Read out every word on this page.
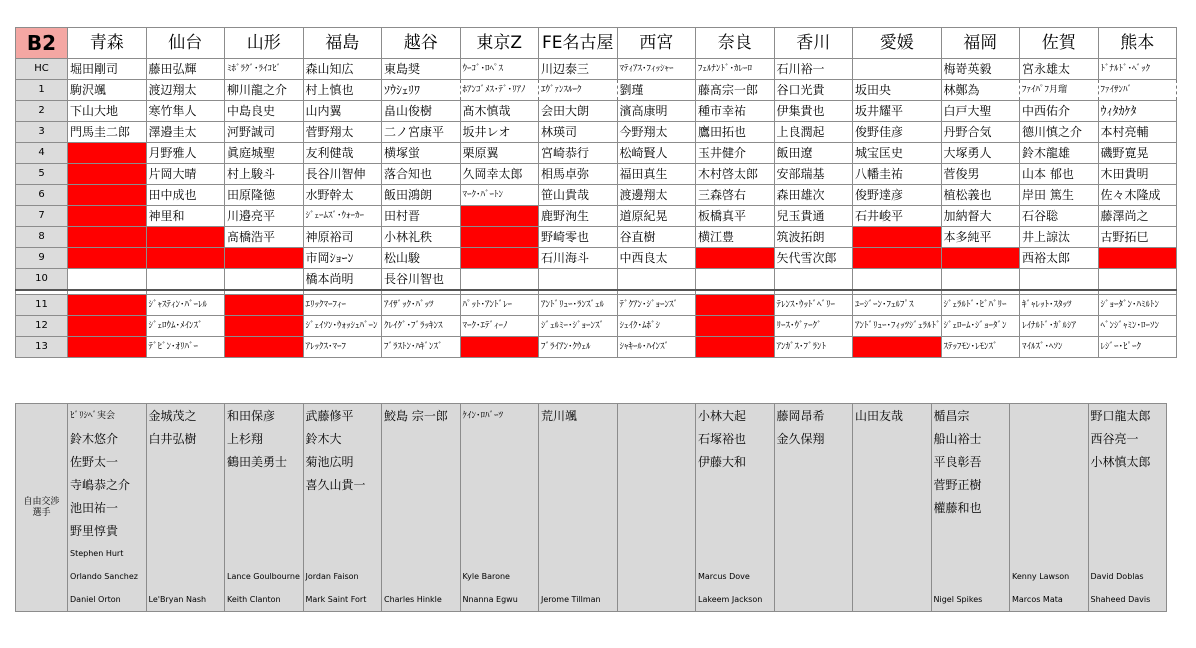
B2	青森	仙台	山形	福島	越谷	東京Z	FE名古屋	西宮	奈良	香川	愛媛	福岡	佐賀	熊本
HC	堀田剛司	藤田弘輝	ﾐﾎﾞﾗｸﾞ･ﾗｲｺﾋﾞ	森山知広	東島奨	ｳｰｺﾞ･ﾛﾍﾟｽ	川辺泰三	ﾏﾃｨｱｽ･ﾌｨｯｼｬｰ	ﾌｪﾙﾅﾝﾄﾞ･ｶﾚｰﾛ	石川裕一		梅嵜英毅	宮永雄太	ﾄﾞﾅﾙﾄﾞ･ﾍﾞｯｸ
1	駒沢颯	渡辺翔太	柳川龍之介	村上慎也	ｿｳｼｪﾘﾜ	ﾎｱﾝｺﾞﾒｽ･ﾃﾞ･ﾘｱﾉ	ｴｳﾞｧﾝｽﾙｰｸ	劉瑾	藤髙宗一郎	谷口光貴	坂田央	林鄭為	ﾌｧｲﾊﾟﾌ月瑠	ﾌｧｲｻﾝﾊﾞ
2	下山大地	寒竹隼人	中島良史	山内翼	畠山俊樹	髙木慎哉	会田大朗	濱高康明	種市幸祐	伊集貴也	坂井耀平	白戸大聖	中西佑介	ｳｨﾀｶｹﾀ
3	門馬圭二郎	澤邉圭太	河野誠司	菅野翔太	二ノ宮康平	坂井レオ	林瑛司	今野翔太	鷹田拓也	上良潤起	俊野佳彦	丹野合気	德川慎之介	本村亮輔
4		月野雅人	眞庭城聖	友利健哉	横塚蛍	栗原翼	宮崎恭行	松崎賢人	玉井健介	飯田遼	城宝匡史	大塚勇人	鈴木龍雄	磯野寛晃
5		片岡大晴	村上駿斗	長谷川智伸	落合知也	久岡幸太郎	相馬卓弥	福田真生	木村啓太郎	安部瑞基	八幡圭祐	菅俊男	山本 郁也	木田貴明
6		田中成也	田原隆徳	水野幹太	飯田鴻朗	ﾏｰｸ･ﾊﾞｰﾄﾝ	笹山貴哉	渡邊翔太	三森啓右	森田雄次	俊野達彦	植松義也	岸田 篤生	佐々木隆成
7		神里和	川邉亮平	ｼﾞｪｰﾑｽﾞ･ｳｫｰｶｰ	田村晋		鹿野洵生	道原紀晃	板橋真平	兒玉貴通	石井峻平	加納督大	石谷聡	藤澤尚之
8			髙橋浩平	神原裕司	小林礼秩		野崎零也	谷直樹	横江豊	筑波拓朗		本多純平	井上諒汰	古野拓巳
9				市岡ｼｮｰﾝ	松山駿		石川海斗	中西良太		矢代雪次郎			西裕太郎	
10				橋本尚明	長谷川智也									

11		ｼﾞｬｽﾃｨﾝ･ﾊﾞｰﾚﾙ		ｴﾘｯｸﾏｰﾌｨｰ	ｱｲｻﾞｯｸ･ﾊﾞｯﾂ	ﾊﾟｯﾄ･ｱﾝﾄﾞﾚｰ	ｱﾝﾄﾞﾘｭｰ･ﾗﾝｽﾞｪﾙ	ﾃﾞｸｱﾝ･ｼﾞｮｰﾝｽﾞ		ﾃﾚﾝｽ･ｳｯﾄﾞﾍﾞﾘｰ	ﾕｰｼﾞｰﾝ･ﾌｪﾙﾌﾟｽ	ｼﾞｪﾗﾙﾄﾞ･ﾋﾞﾊﾞﾘｰ	ｷﾞｬﾚｯﾄ･ｽﾀｯﾂ	ｼﾞｮｰﾀﾞﾝ･ﾊﾐﾙﾄﾝ
12		ｼﾞｪﾛｳﾑ･ﾒｲﾝｽﾞ		ｼﾞｪｲｿﾝ･ｳｫｯｼｭﾊﾞｰﾝ	ｸﾚｲｸﾞ･ﾌﾞﾗｯｷﾝｽ	ﾏｰｸ･ｴﾃﾞｨｰﾉ	ｼﾞｪﾙﾐｰ･ｼﾞｮｰﾝｽﾞ	ｼｪｲｸ･ﾑﾎﾞｼ		ﾘｰｽ･ｳﾞｧｰｸﾞ	ｱﾝﾄﾞﾘｭｰ･ﾌｨｯﾂｼﾞｪﾗﾙﾄﾞ	ｼﾞｪﾛｰﾑ･ｼﾞｮｰﾀﾞﾝ	ﾚｲﾅﾙﾄﾞ･ｶﾞﾙｼｱ	ﾍﾞﾝｼﾞｬﾐﾝ･ﾛｰｿﾝ
13		ﾃﾞﾋﾞﾝ･ｵﾘﾊﾞｰ		ｱﾚｯｸｽ･ﾏｰﾌ	ﾌﾞﾗｽﾄﾝ･ﾊｷﾞﾝｽﾞ		ﾌﾞﾗｲｱﾝ･ｸｳｪﾙ	ｼｬｷｰﾙ･ﾊｲﾝｽﾞ		ｱﾝｶﾞｽ･ﾌﾞﾗﾝﾄ		ｽﾃｯﾌﾓﾝ･ﾚﾓﾝｽﾞ	ﾏｲﾙｽﾞ･ﾍｿﾝ	ﾚｼﾞｰ･ﾋﾟｰｸ
自由交渉
選手	ﾋﾞﾘｼﾍﾞ実会	金城茂之	和田保彦	武藤修平	鮫島 宗一郎	ｹｲﾝ･ﾛﾊﾞｰﾂ	荒川颯		小林大起	藤岡昂希	山田友哉	楯昌宗		野口龍太郎
	鈴木悠介	白井弘樹	上杉翔	鈴木大					石塚裕也	金久保翔		船山裕士		西谷亮一
	佐野太一		鶴田美勇士	菊池広明					伊藤大和			平良彰吾		小林慎太郎
	寺嶋恭之介			喜久山貴一								菅野正樹		
	池田祐一											權藤和也		
	野里惇貴													
	Stephen Hurt													
	Orlando Sanchez		Lance Goulbourne	Jordan Faison		Kyle Barone			Marcus Dove				Kenny Lawson	David Doblas
	Daniel Orton	Le'Bryan Nash	Keith Clanton	Mark Saint Fort	Charles Hinkle	Nnanna Egwu	Jerome Tillman		Lakeem Jackson			Nigel Spikes	Marcos Mata	Shaheed Davis
